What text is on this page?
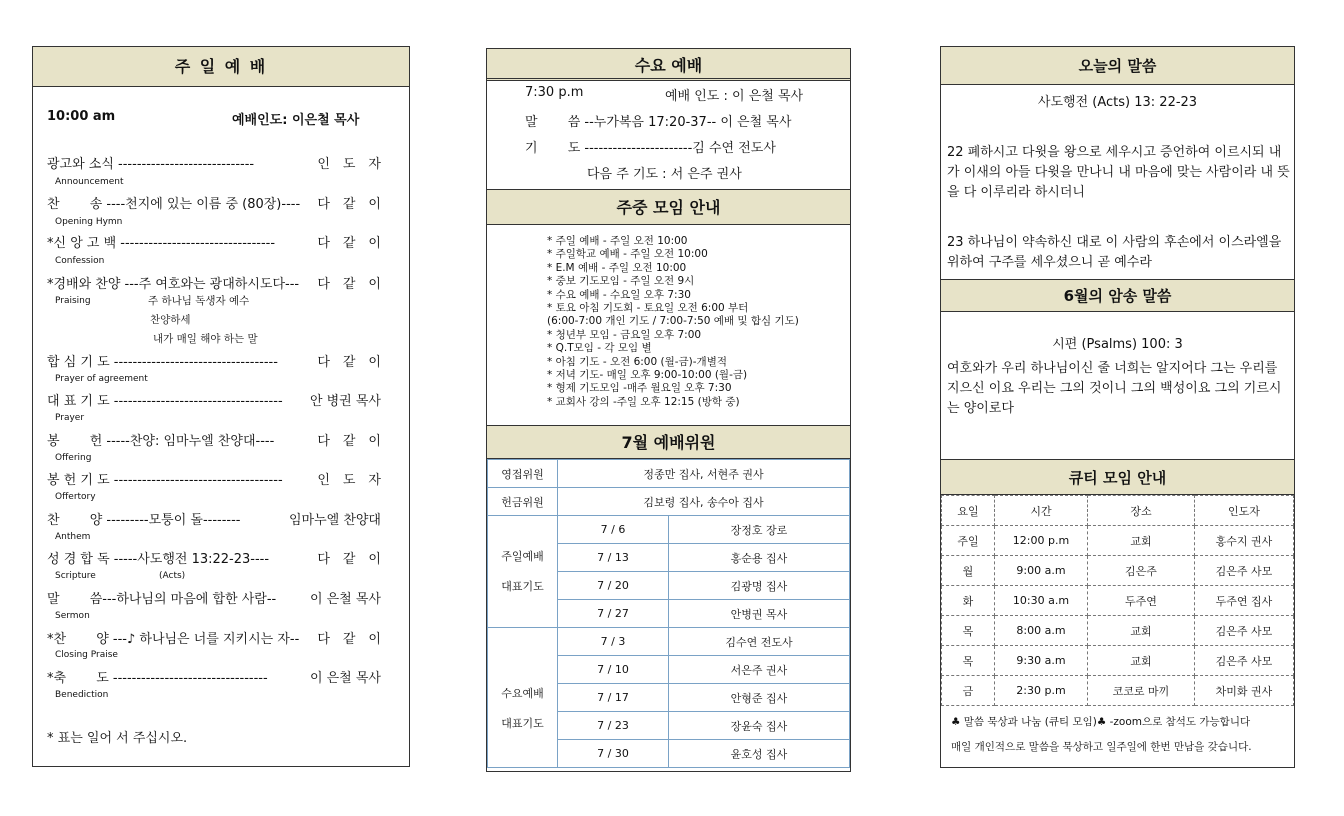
주 일 예 배
10:00 am	예배인도: 이은철 목사
광고와 소식 -----------------------------	인　도　자
Announcement
찬　　 송 ----천지에 있는 이름 중 (80장)---- 다　같　이
Opening Hymn
*신 앙 고 백 ---------------------------------	다　같　이
Confession
*경배와 찬양 ---주 여호와는 광대하시도다--- 다　같　이
Praising
합 심 기 도 -----------------------------------	다　같　이
Prayer of agreement
대 표 기 도 ------------------------------------ 안 병권 목사
Prayer
봉　　 헌 -----찬양: 임마누엘 찬양대----	다　같　이
Offering
봉 헌 기 도 ------------------------------------	인　도　자
Offertory
찬　　 양 ---------모퉁이 돌--------	임마누엘 찬양대
Anthem
성 경 합 독 -----사도행전 13:22-23----	다　같　이
Scripture
말　　 씀---하나님의 마음에 합한 사람--	이 은철 목사
Sermon
*찬　　 양 ---♪ 하나님은 너를 지키시는 자-- 다　같　이
Closing Praise
*축　　 도 ---------------------------------	이 은철 목사
Benediction
주 하나님 독생자 예수
찬양하세
내가 매일 해야 하는 말
(Acts)
* 표는 일어 서 주십시오.
수요 예배
7:30 p.m	예배 인도 : 이 은철 목사
말　　 씀 --누가복음 17:20-37-- 이 은철 목사
기　　 도 -----------------------김 수연 전도사
다음 주 기도 : 서 은주 권사
주중 모임 안내
* 주일 예배 - 주일 오전 10:00
* 주일학교 예배 - 주일 오전 10:00
* E.M 예배 - 주일 오전 10:00
* 중보 기도모임 - 주일 오전 9시
* 수요 예배 - 수요일 오후 7:30
* 토요 아침 기도회 - 토요일 오전 6:00 부터
(6:00-7:00 개인 기도 / 7:00-7:50 예배 및 합심 기도)
* 청년부 모임 - 금요일 오후 7:00
* Q.T모임 - 각 모임 별
* 아침 기도 - 오전 6:00 (월-금)-개별적
* 저녁 기도- 매일 오후 9:00-10:00 (월-금)
* 형제 기도모임 -매주 월요일 오후 7:30
* 교회사 강의 -주일 오후 12:15 (방학 중)
7월 예배위원
영접위원	정종만 집사, 서현주 권사	
헌금위원	김보령 집사, 송수아 집사	
주일예배
대표기도	7 / 6	장정호 장로
	7 / 13	홍순용 집사
	7 / 20	김광명 집사
	7 / 27	안병권 목사
수요예배
대표기도	7 / 3	김수연 전도사
	7 / 10	서은주 권사
	7 / 17	안형준 집사
	7 / 23	장윤숙 집사
	7 / 30	윤호성 집사
오늘의 말씀
사도행전 (Acts) 13: 22-23
22 폐하시고 다윗을 왕으로 세우시고 증언하여 이르시되 내가 이새의 아들 다윗을 만나니 내 마음에 맞는 사람이라 내 뜻을 다 이루리라 하시더니
23 하나님이 약속하신 대로 이 사람의 후손에서 이스라엘을 위하여 구주를 세우셨으니 곧 예수라
6월의 암송 말씀
시편 (Psalms) 100: 3
여호와가 우리 하나님이신 줄 너희는 알지어다 그는 우리를 지으신 이요 우리는 그의 것이니 그의 백성이요 그의 기르시는 양이로다
큐티 모임 안내
요일	시간	장소	인도자
주일	12:00 p.m	교회	홍수지 권사
월	9:00 a.m	김은주	김은주 사모
화	10:30 a.m	두주연	두주연 집사
목	8:00 a.m	교회	김은주 사모
목	9:30 a.m	교회	김은주 사모
금	2:30 p.m	코코로 마끼	차미화 권사
♣ 말씀 묵상과 나눔 (큐티 모임)♣ -zoom으로 참석도 가능합니다
매일 개인적으로 말씀을 묵상하고 일주일에 한번 만남을 갖습니다.
